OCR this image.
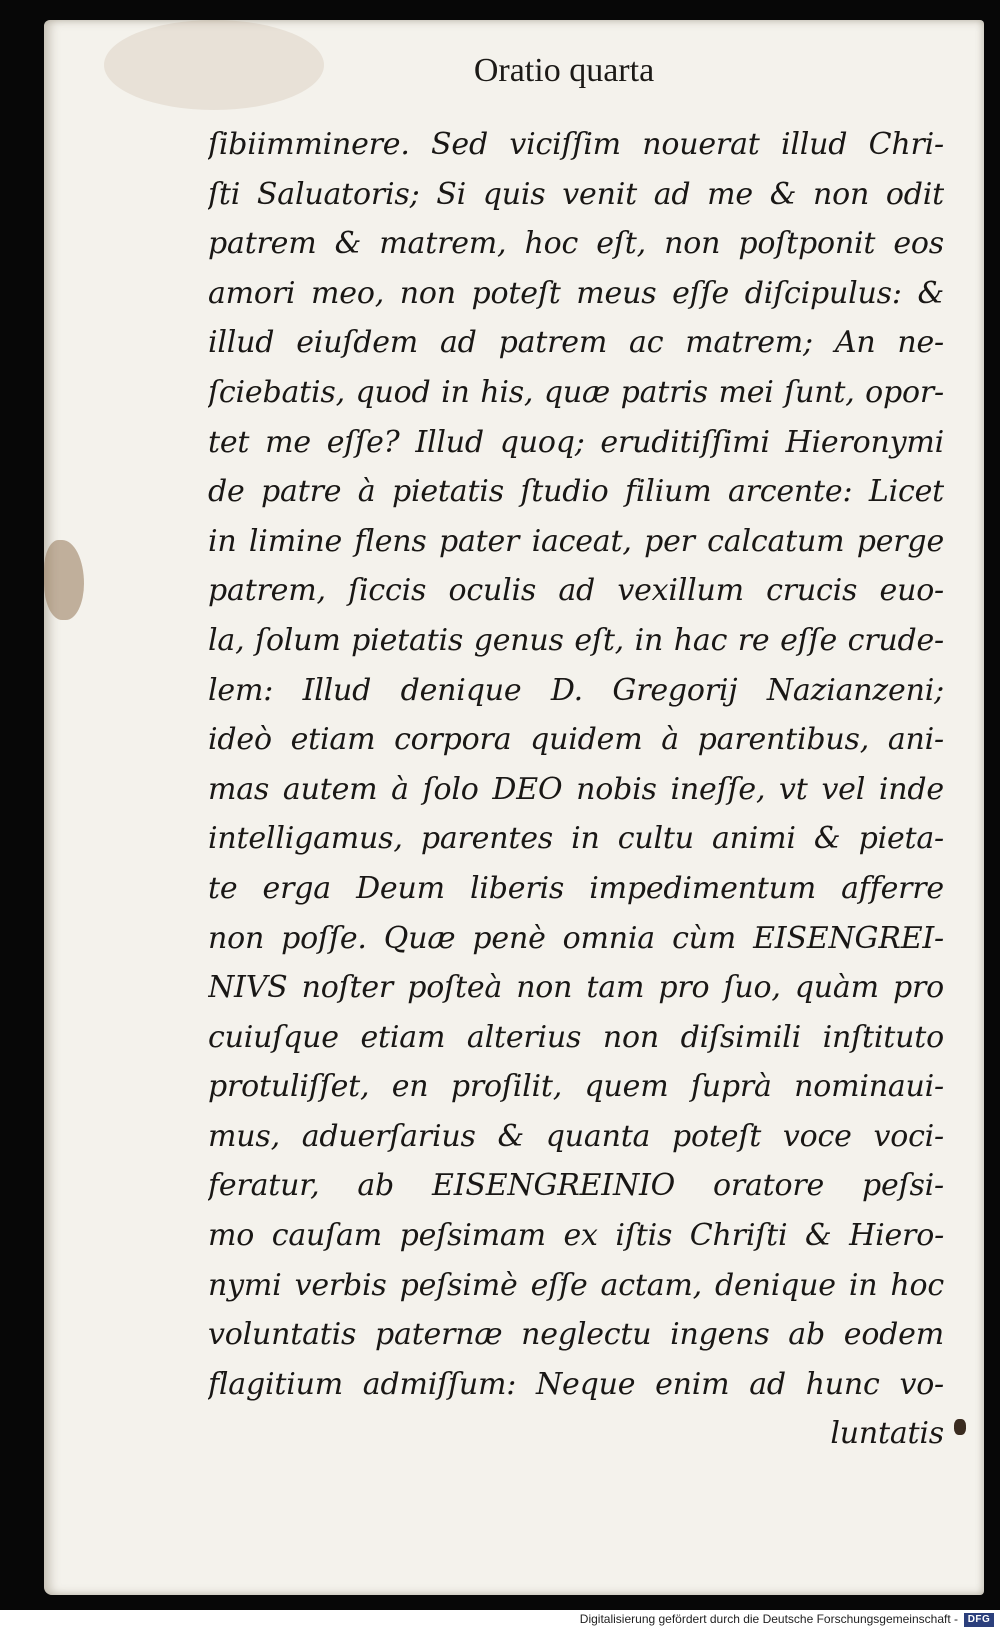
Oratio quarta
ſibiimminere. Sed viciſſim nouerat illud Chri-
ſti Saluatoris; Si quis venit ad me & non odit
patrem & matrem, hoc eſt, non poſtponit eos
amori meo, non poteſt meus eſſe diſcipulus: &
illud eiuſdem ad patrem ac matrem; An ne-
ſciebatis, quod in his, quæ patris mei ſunt, opor-
tet me eſſe? Illud quoq; eruditiſſimi Hieronymi
de patre à pietatis ſtudio filium arcente: Licet
in limine flens pater iaceat, per calcatum perge
patrem, ſiccis oculis ad vexillum crucis euo-
la, ſolum pietatis genus eſt, in hac re eſſe crude-
lem: Illud denique D. Gregorij Nazianzeni;
ideò etiam corpora quidem à parentibus, ani-
mas autem à ſolo DEO nobis ineſſe, vt vel inde
intelligamus, parentes in cultu animi & pieta-
te erga Deum liberis impedimentum afferre
non poſſe. Quæ penè omnia cùm EISENGREI-
NIVS noſter poſteà non tam pro ſuo, quàm pro
cuiuſque etiam alterius non diſsimili inſtituto
protuliſſet, en proſilit, quem ſuprà nominaui-
mus, aduerſarius & quanta poteſt voce voci-
feratur, ab EISENGREINIO oratore peſsi-
mo cauſam peſsimam ex iſtis Chriſti & Hiero-
nymi verbis peſsimè eſſe actam, denique in hoc
voluntatis paternæ neglectu ingens ab eodem
flagitium admiſſum: Neque enim ad hunc vo-
luntatis
Digitalisierung gefördert durch die Deutsche Forschungsgemeinschaft - DFG
